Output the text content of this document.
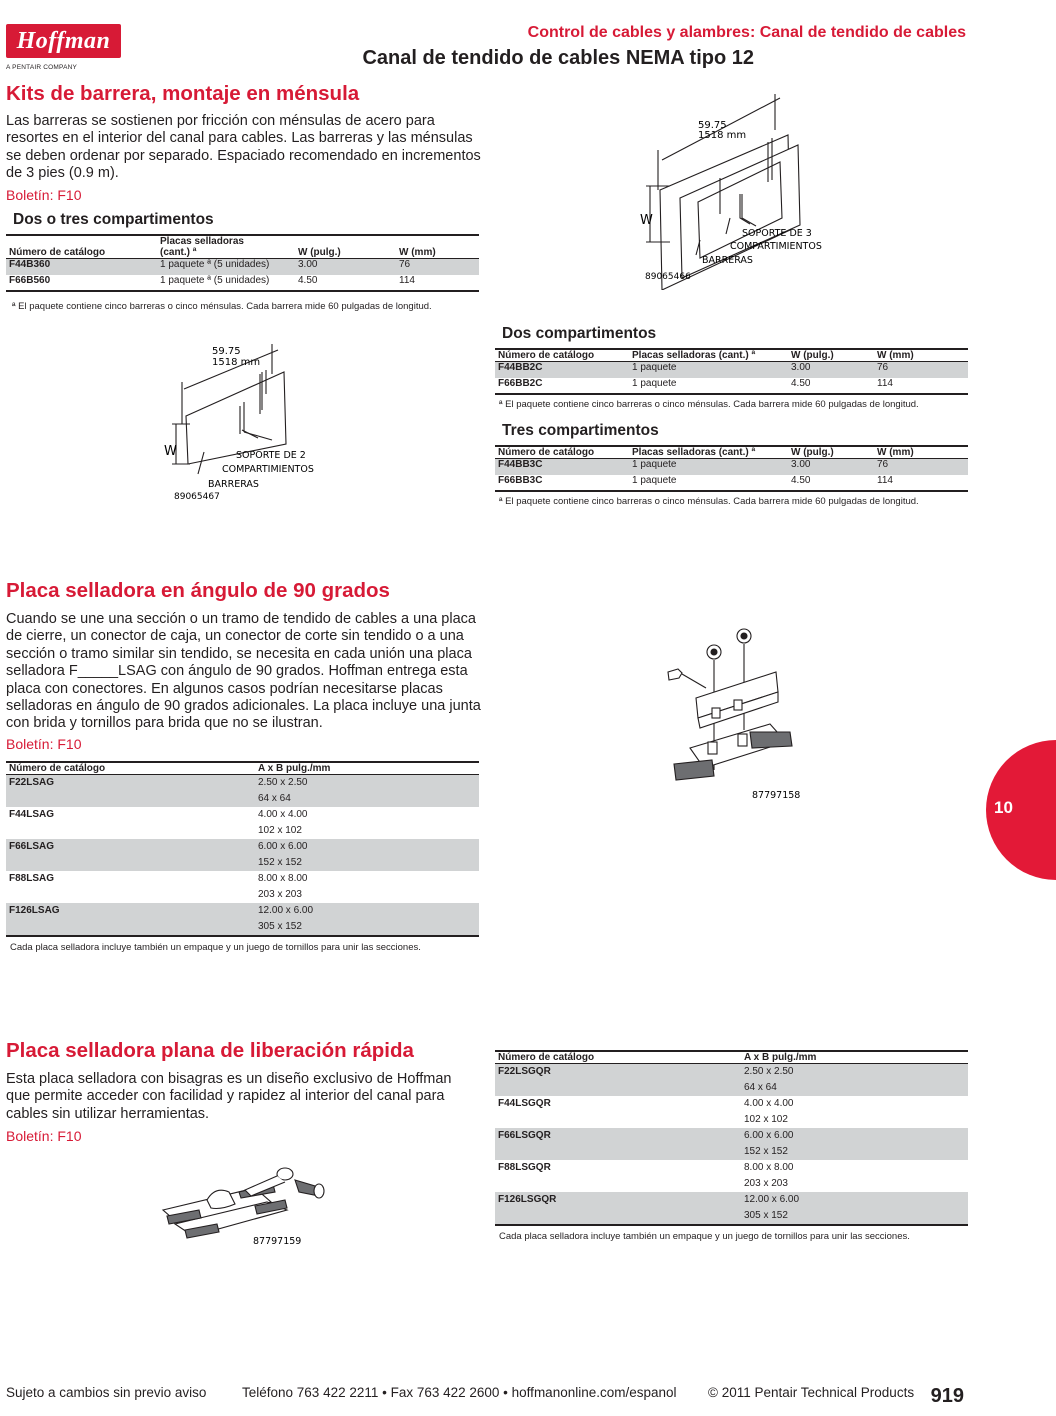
Hoffman
A PENTAIR COMPANY
Control de cables y alambres: Canal de tendido de cables
Canal de tendido de cables NEMA tipo 12
Kits de barrera, montaje en ménsula

Las barreras se sostienen por fricción con ménsulas de acero para resortes en el interior del canal para cables. Las barreras y las ménsulas se deben ordenar por separado. Espaciado recomendado en incrementos de 3 pies (0.9 m).

Boletín: F10
Dos o tres compartimentos
Número de catálogo	Placas selladoras
(cant.) ª	W (pulg.)	W (mm)
F44B360	1 paquete ª (5 unidades)	3.00	76
F66B560	1 paquete ª (5 unidades)	4.50	114
ª El paquete contiene cinco barreras o cinco ménsulas. Cada barrera mide 60 pulgadas de longitud.
59.75
1518 mm
W
SOPORTE DE 3
COMPARTIMIENTOS
BARRERAS
89065466
59.75
1518 mm
W	SOPORTE DE 2
COMPARTIMIENTOS
BARRERAS
89065467
Dos compartimentos
Número de catálogo	Placas selladoras (cant.) ª	W (pulg.)	W (mm)
F44BB2C	1 paquete	3.00	76
F66BB2C	1 paquete	4.50	114
ª El paquete contiene cinco barreras o cinco ménsulas. Cada barrera mide 60 pulgadas de longitud.
Tres compartimentos
Número de catálogo	Placas selladoras (cant.) ª	W (pulg.)	W (mm)
F44BB3C	1 paquete	3.00	76
F66BB3C	1 paquete	4.50	114
ª El paquete contiene cinco barreras o cinco ménsulas. Cada barrera mide 60 pulgadas de longitud.
Placa selladora en ángulo de 90 grados

Cuando se une una sección o un tramo de tendido de cables a una placa de cierre, un conector de caja, un conector de corte sin tendido o a una sección o tramo similar sin tendido, se necesita en cada unión una placa selladora F_____LSAG con ángulo de 90 grados. Hoffman entrega esta placa con conectores. En algunos casos podrían necesitarse placas selladoras en ángulo de 90 grados adicionales. La placa incluye una junta con brida y tornillos para brida que no se ilustran.

Boletín: F10
Número de catálogo	A x B pulg./mm
F22LSAG	2.50 x 2.50
64 x 64

F44LSAG	4.00 x 4.00
102 x 102

F66LSAG	6.00 x 6.00
152 x 152

F88LSAG	8.00 x 8.00
203 x 203

F126LSAG	12.00 x 6.00
305 x 152
Cada placa selladora incluye también un empaque y un juego de tornillos para unir las secciones.
87797158
Placa selladora plana de liberación rápida

Esta placa selladora con bisagras es un diseño exclusivo de Hoffman que permite acceder con facilidad y rapidez al interior del canal para cables sin utilizar herramientas.

Boletín: F10
87797159
Número de catálogo	A x B pulg./mm
F22LSGQR	2.50 x 2.50
64 x 64

F44LSGQR	4.00 x 4.00
102 x 102

F66LSGQR	6.00 x 6.00
152 x 152

F88LSGQR	8.00 x 8.00
203 x 203

F126LSGQR	12.00 x 6.00
305 x 152
Cada placa selladora incluye también un empaque y un juego de tornillos para unir las secciones.
10
Sujeto a cambios sin previo aviso	Teléfono 763 422 2211 • Fax 763 422 2600 • hoffmanonline.com/espanol © 2011 Pentair Technical Products 919
